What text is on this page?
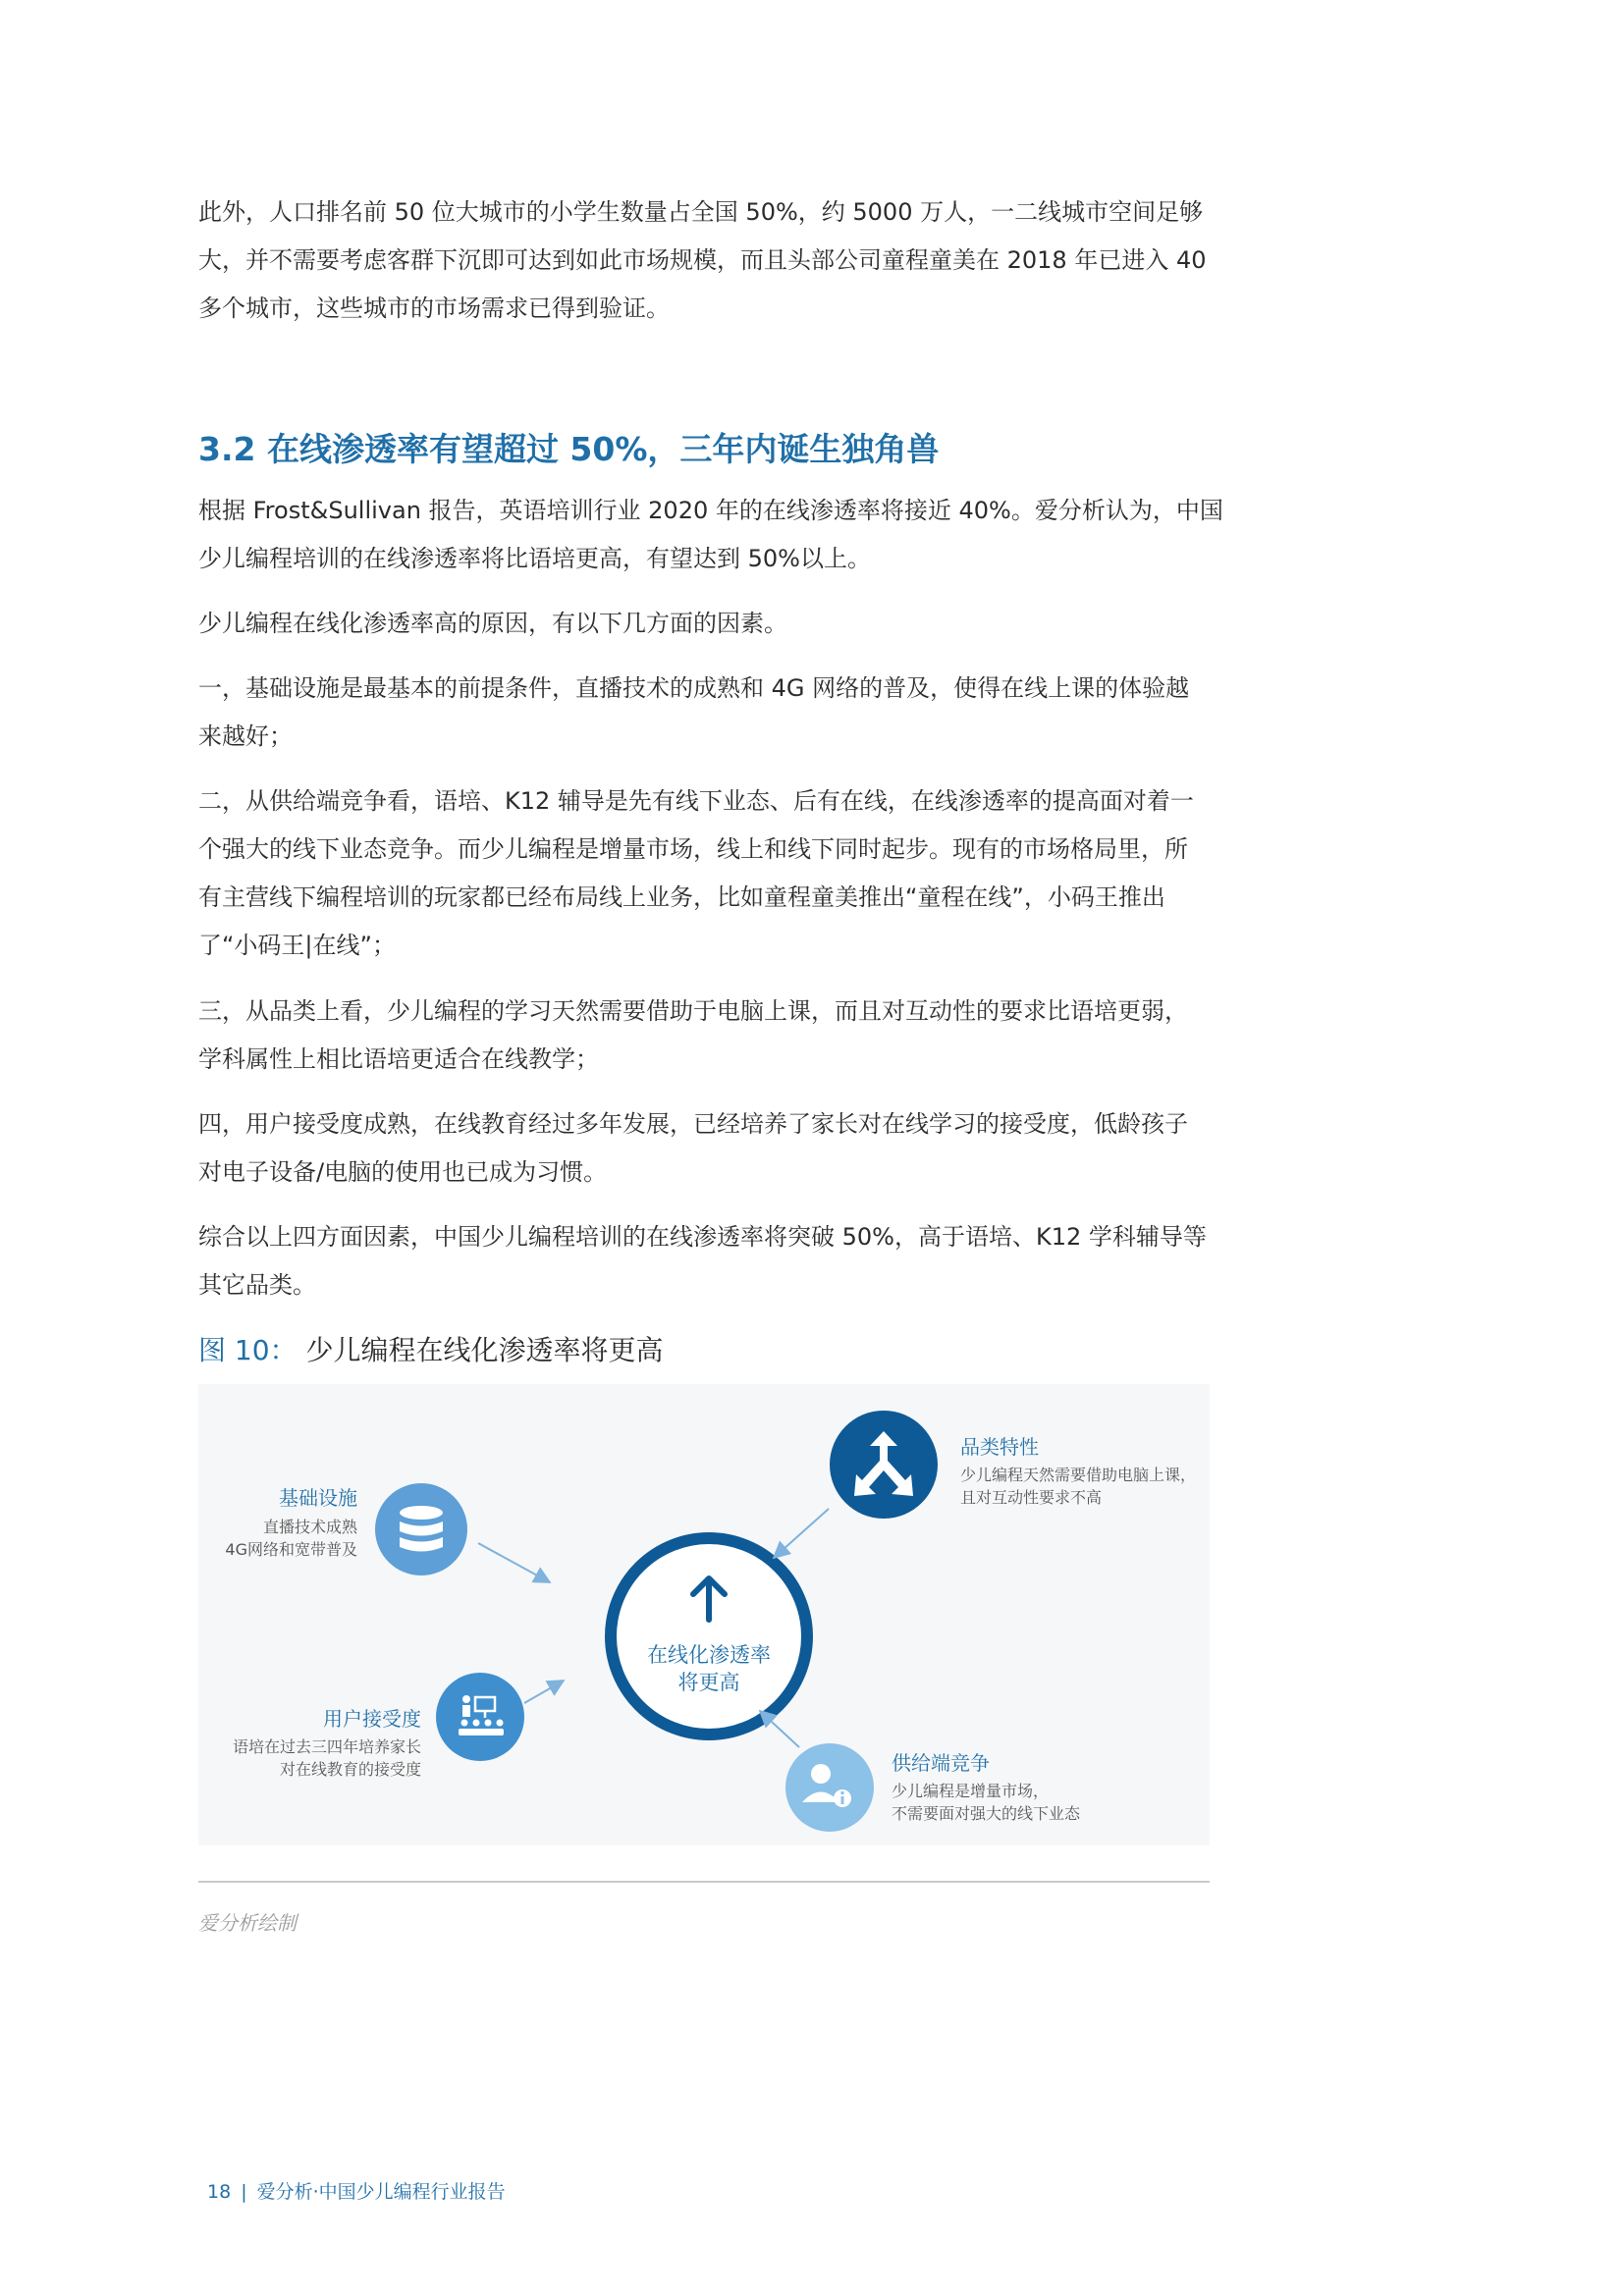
此外，人口排名前 50 位大城市的小学生数量占全国 50%，约 5000 万人，一二线城市空间足够
大，并不需要考虑客群下沉即可达到如此市场规模，而且头部公司童程童美在 2018 年已进入 40
多个城市，这些城市的市场需求已得到验证。
3.2 在线渗透率有望超过 50%，三年内诞生独角兽
根据 Frost&Sullivan 报告，英语培训行业 2020 年的在线渗透率将接近 40%。爱分析认为，中国
少儿编程培训的在线渗透率将比语培更高，有望达到 50%以上。
少儿编程在线化渗透率高的原因，有以下几方面的因素。
一，基础设施是最基本的前提条件，直播技术的成熟和 4G 网络的普及，使得在线上课的体验越
来越好；
二，从供给端竞争看，语培、K12 辅导是先有线下业态、后有在线，在线渗透率的提高面对着一
个强大的线下业态竞争。而少儿编程是增量市场，线上和线下同时起步。现有的市场格局里，所
有主营线下编程培训的玩家都已经布局线上业务，比如童程童美推出“童程在线”，小码王推出
了“小码王|在线”；
三，从品类上看，少儿编程的学习天然需要借助于电脑上课，而且对互动性的要求比语培更弱，
学科属性上相比语培更适合在线教学；
四，用户接受度成熟，在线教育经过多年发展，已经培养了家长对在线学习的接受度，低龄孩子
对电子设备/电脑的使用也已成为习惯。
综合以上四方面因素，中国少儿编程培训的在线渗透率将突破 50%，高于语培、K12 学科辅导等
其它品类。
图 10： 少儿编程在线化渗透率将更高
在线化渗透率
将更高
基础设施
直播技术成熟
4G网络和宽带普及
品类特性
少儿编程天然需要借助电脑上课，
且对互动性要求不高
用户接受度
语培在过去三四年培养家长
对在线教育的接受度	供给端竞争
少儿编程是增量市场，
不需要面对强大的线下业态
爱分析绘制
18 | 爱分析·中国少儿编程行业报告
